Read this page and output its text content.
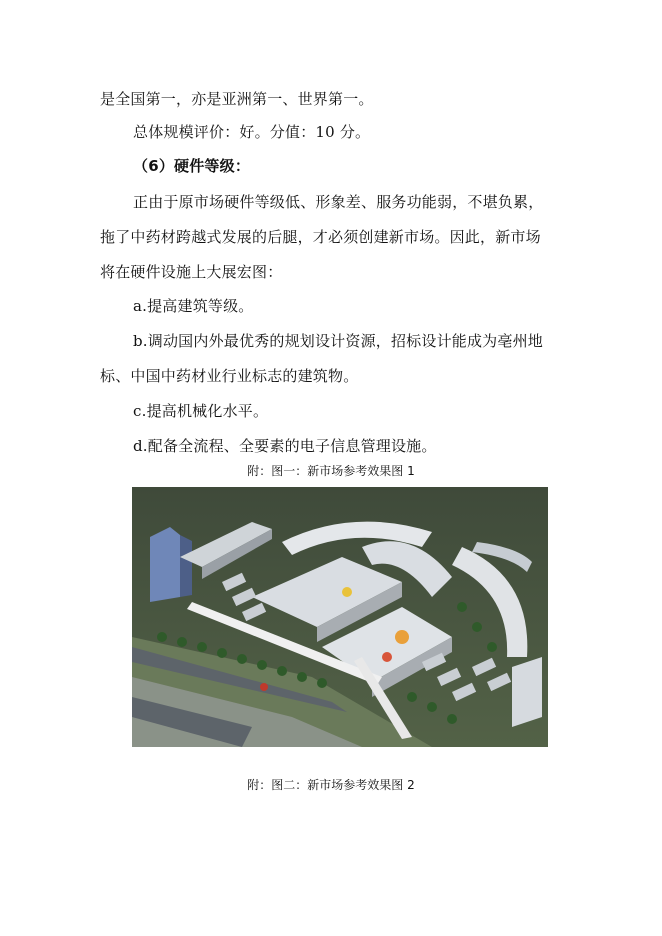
是全国第一，亦是亚洲第一、世界第一。
总体规模评价：好。分值：10 分。
（6）硬件等级：
正由于原市场硬件等级低、形象差、服务功能弱，不堪负累，
拖了中药材跨越式发展的后腿，才必须创建新市场。因此，新市场
将在硬件设施上大展宏图：
a.提高建筑等级。
b.调动国内外最优秀的规划设计资源，招标设计能成为亳州地
标、中国中药材业行业标志的建筑物。
c.提高机械化水平。
d.配备全流程、全要素的电子信息管理设施。
附：图一：新市场参考效果图 1
附：图二：新市场参考效果图 2
